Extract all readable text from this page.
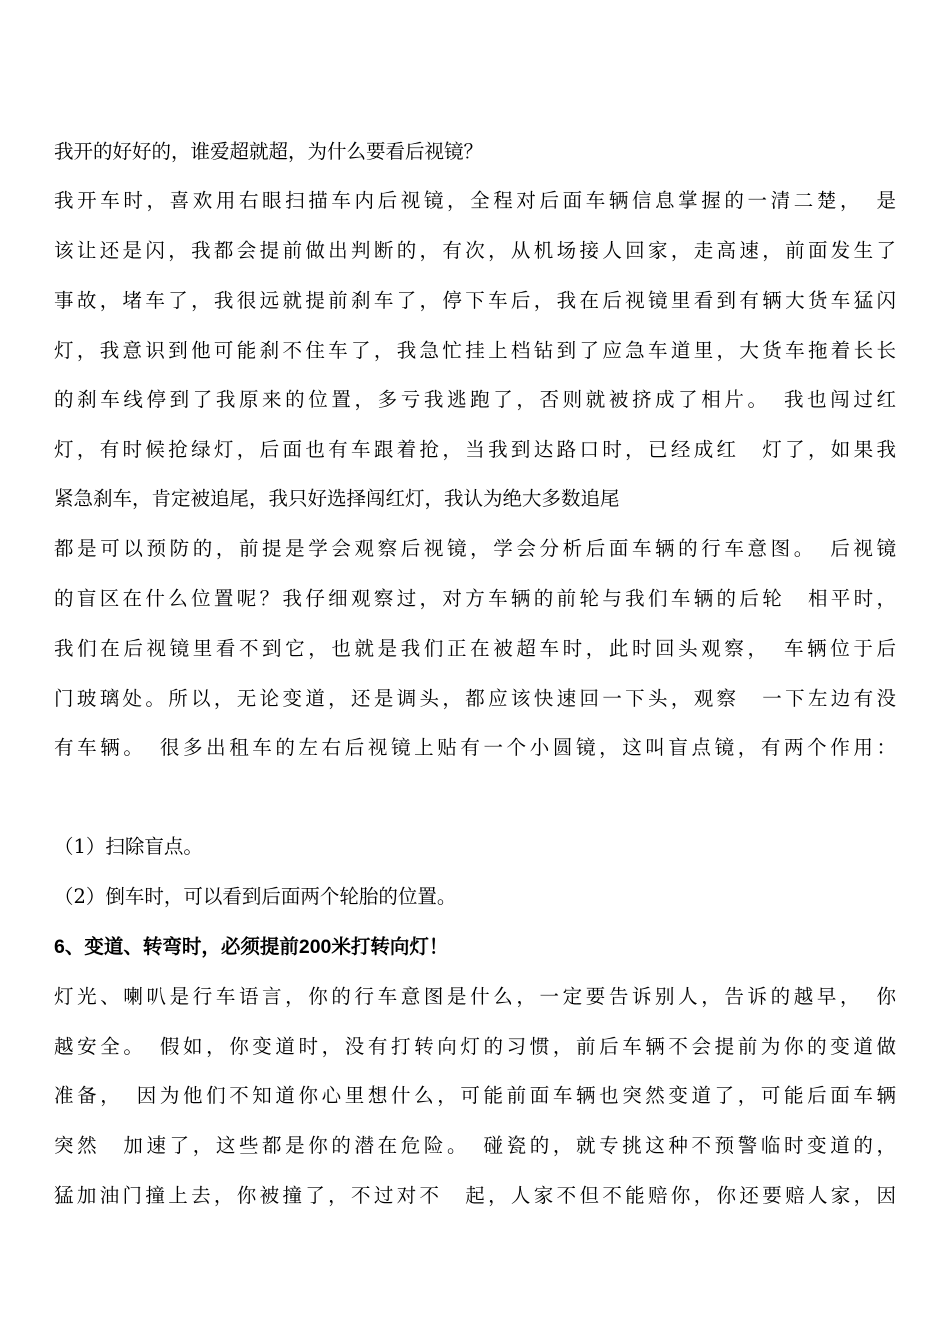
我开的好好的，谁爱超就超，为什么要看后视镜？
我开车时，喜欢用右眼扫描车内后视镜，全程对后面车辆信息掌握的一清二楚，　是
该让还是闪，我都会提前做出判断的，有次，从机场接人回家，走高速，前面发生了
事故，堵车了，我很远就提前刹车了，停下车后，我在后视镜里看到有辆大货车猛闪
灯，我意识到他可能刹不住车了，我急忙挂上档钻到了应急车道里，大货车拖着长长
的刹车线停到了我原来的位置，多亏我逃跑了，否则就被挤成了相片。　我也闯过红
灯，有时候抢绿灯，后面也有车跟着抢，当我到达路口时，已经成红　灯了，如果我
紧急刹车，肯定被追尾，我只好选择闯红灯，我认为绝大多数追尾
都是可以预防的，前提是学会观察后视镜，学会分析后面车辆的行车意图。　后视镜
的盲区在什么位置呢？我仔细观察过，对方车辆的前轮与我们车辆的后轮　相平时，
我们在后视镜里看不到它，也就是我们正在被超车时，此时回头观察，　车辆位于后
门玻璃处。所以，无论变道，还是调头，都应该快速回一下头，观察　一下左边有没
有车辆。　很多出租车的左右后视镜上贴有一个小圆镜，这叫盲点镜，有两个作用：
（1）扫除盲点。
（2）倒车时，可以看到后面两个轮胎的位置。
6、变道、转弯时，必须提前200米打转向灯！
灯光、喇叭是行车语言，你的行车意图是什么，一定要告诉别人，告诉的越早，　你
越安全。　假如，你变道时，没有打转向灯的习惯，前后车辆不会提前为你的变道做
准备，　因为他们不知道你心里想什么，可能前面车辆也突然变道了，可能后面车辆
突然　加速了，这些都是你的潜在危险。　碰瓷的，就专挑这种不预警临时变道的，
猛加油门撞上去，你被撞了，不过对不　起，人家不但不能赔你，你还要赔人家，因
